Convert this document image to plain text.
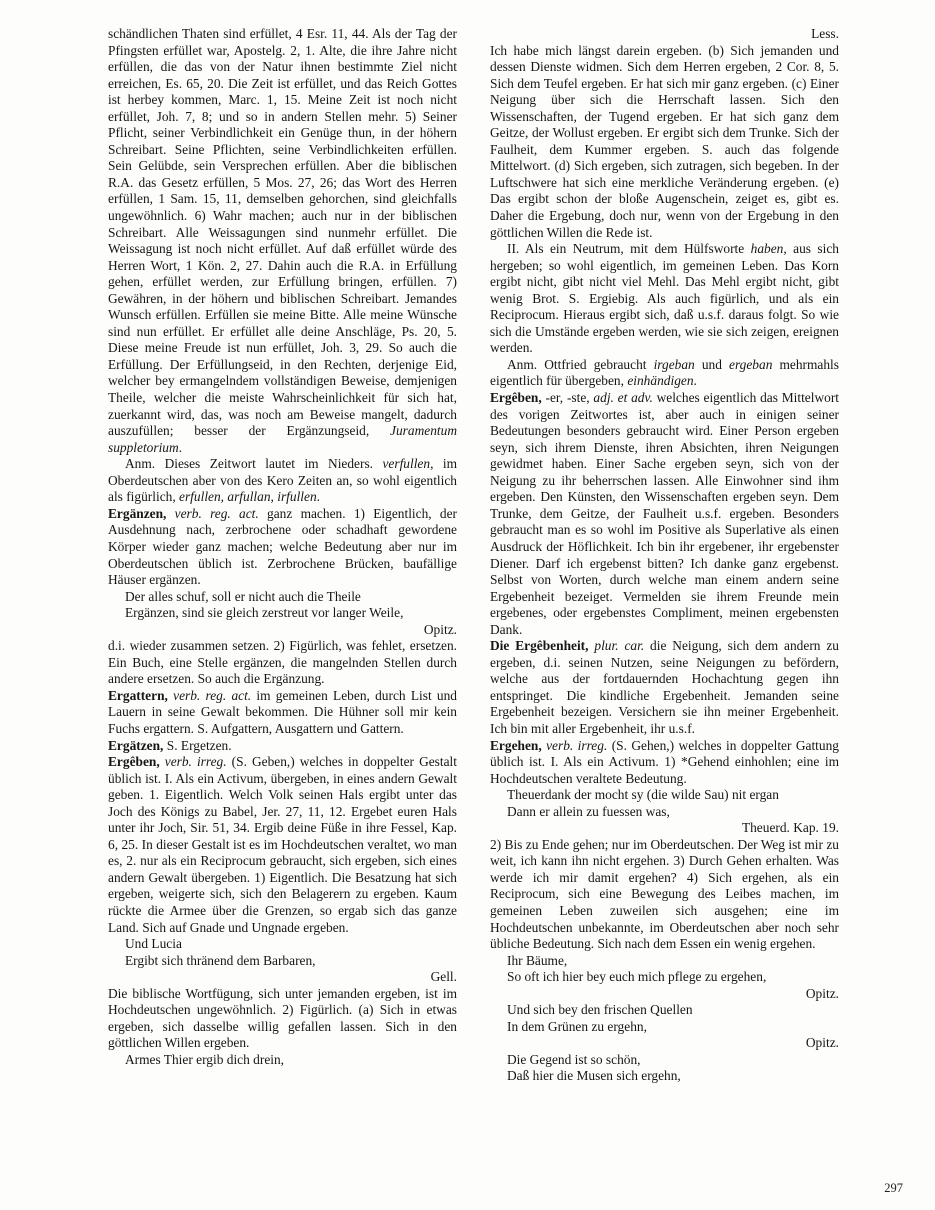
schändlichen Thaten sind erfüllet, 4 Esr. 11, 44. Als der Tag der Pfingsten erfüllet war, Apostelg. 2, 1. Alte, die ihre Jahre nicht erfüllen, die das von der Natur ihnen bestimmte Ziel nicht erreichen, Es. 65, 20. Die Zeit ist erfüllet, und das Reich Gottes ist herbey kommen, Marc. 1, 15. Meine Zeit ist noch nicht erfüllet, Joh. 7, 8; und so in andern Stellen mehr. 5) Seiner Pflicht, seiner Verbindlichkeit ein Genüge thun, in der höhern Schreibart. Seine Pflichten, seine Verbindlichkeiten erfüllen. Sein Gelübde, sein Versprechen erfüllen. Aber die biblischen R.A. das Gesetz erfüllen, 5 Mos. 27, 26; das Wort des Herren erfüllen, 1 Sam. 15, 11, demselben gehorchen, sind gleichfalls ungewöhnlich. 6) Wahr machen; auch nur in der biblischen Schreibart. Alle Weissagungen sind nunmehr erfüllet. Die Weissagung ist noch nicht erfüllet. Auf daß erfüllet würde des Herren Wort, 1 Kön. 2, 27. Dahin auch die R.A. in Erfüllung gehen, erfüllet werden, zur Erfüllung bringen, erfüllen. 7) Gewähren, in der höhern und biblischen Schreibart. Jemandes Wunsch erfüllen. Erfüllen sie meine Bitte. Alle meine Wünsche sind nun erfüllet. Er erfüllet alle deine Anschläge, Ps. 20, 5. Diese meine Freude ist nun erfüllet, Joh. 3, 29. So auch die Erfüllung. Der Erfüllungseid, in den Rechten, derjenige Eid, welcher bey ermangelndem vollständigen Beweise, demjenigen Theile, welcher die meiste Wahrscheinlichkeit für sich hat, zuerkannt wird, das, was noch am Beweise mangelt, dadurch auszufüllen; besser der Ergänzungseid, Juramentum suppletorium.

Anm. Dieses Zeitwort lautet im Nieders. verfullen, im Oberdeutschen aber von des Kero Zeiten an, so wohl eigentlich als figürlich, erfullen, arfullan, irfullen.

Ergänzen, verb. reg. act. ganz machen. 1) Eigentlich, der Ausdehnung nach, zerbrochene oder schadhaft gewordene Körper wieder ganz machen; welche Bedeutung aber nur im Oberdeutschen üblich ist. Zerbrochene Brücken, baufällige Häuser ergänzen.

Der alles schuf, soll er nicht auch die Theile

Ergänzen, sind sie gleich zerstreut vor langer Weile,

Opitz.

d.i. wieder zusammen setzen. 2) Figürlich, was fehlet, ersetzen. Ein Buch, eine Stelle ergänzen, die mangelnden Stellen durch andere ersetzen. So auch die Ergänzung.

Ergattern, verb. reg. act. im gemeinen Leben, durch List und Lauern in seine Gewalt bekommen. Die Hühner soll mir kein Fuchs ergattern. S. Aufgattern, Ausgattern und Gattern.

Ergätzen, S. Ergetzen.

Ergêben, verb. irreg. (S. Geben,) welches in doppelter Gestalt üblich ist. I. Als ein Activum, übergeben, in eines andern Gewalt geben. 1. Eigentlich. Welch Volk seinen Hals ergibt unter das Joch des Königs zu Babel, Jer. 27, 11, 12. Ergebet euren Hals unter ihr Joch, Sir. 51, 34. Ergib deine Füße in ihre Fessel, Kap. 6, 25. In dieser Gestalt ist es im Hochdeutschen veraltet, wo man es, 2. nur als ein Reciprocum gebraucht, sich ergeben, sich eines andern Gewalt übergeben. 1) Eigentlich. Die Besatzung hat sich ergeben, weigerte sich, sich den Belagerern zu ergeben. Kaum rückte die Armee über die Grenzen, so ergab sich das ganze Land. Sich auf Gnade und Ungnade ergeben.

Und Lucia

Ergibt sich thränend dem Barbaren,

Gell.

Die biblische Wortfügung, sich unter jemanden ergeben, ist im Hochdeutschen ungewöhnlich. 2) Figürlich. (a) Sich in etwas ergeben, sich dasselbe willig gefallen lassen. Sich in den göttlichen Willen ergeben.

Armes Thier ergib dich drein,

Less.

Ich habe mich längst darein ergeben. (b) Sich jemanden und dessen Dienste widmen. Sich dem Herren ergeben, 2 Cor. 8, 5. Sich dem Teufel ergeben. Er hat sich mir ganz ergeben. (c) Einer Neigung über sich die Herrschaft lassen. Sich den Wissenschaften, der Tugend ergeben. Er hat sich ganz dem Geitze, der Wollust ergeben. Er ergibt sich dem Trunke. Sich der Faulheit, dem Kummer ergeben. S. auch das folgende Mittelwort. (d) Sich ergeben, sich zutragen, sich begeben. In der Luftschwere hat sich eine merkliche Veränderung ergeben. (e) Das ergibt schon der bloße Augenschein, zeiget es, gibt es. Daher die Ergebung, doch nur, wenn von der Ergebung in den göttlichen Willen die Rede ist.

II. Als ein Neutrum, mit dem Hülfsworte haben, aus sich hergeben; so wohl eigentlich, im gemeinen Leben. Das Korn ergibt nicht, gibt nicht viel Mehl. Das Mehl ergibt nicht, gibt wenig Brot. S. Ergiebig. Als auch figürlich, und als ein Reciprocum. Hieraus ergibt sich, daß u.s.f. daraus folgt. So wie sich die Umstände ergeben werden, wie sie sich zeigen, ereignen werden.

Anm. Ottfried gebraucht irgeban und ergeban mehrmahls eigentlich für übergeben, einhändigen.

Ergêben, -er, -ste, adj. et adv. welches eigentlich das Mittelwort des vorigen Zeitwortes ist, aber auch in einigen seiner Bedeutungen besonders gebraucht wird. Einer Person ergeben seyn, sich ihrem Dienste, ihren Absichten, ihren Neigungen gewidmet haben. Einer Sache ergeben seyn, sich von der Neigung zu ihr beherrschen lassen. Alle Einwohner sind ihm ergeben. Den Künsten, den Wissenschaften ergeben seyn. Dem Trunke, dem Geitze, der Faulheit u.s.f. ergeben. Besonders gebraucht man es so wohl im Positive als Superlative als einen Ausdruck der Höflichkeit. Ich bin ihr ergebener, ihr ergebenster Diener. Darf ich ergebenst bitten? Ich danke ganz ergebenst. Selbst von Worten, durch welche man einem andern seine Ergebenheit bezeiget. Vermelden sie ihrem Freunde mein ergebenes, oder ergebenstes Compliment, meinen ergebensten Dank.

Die Ergêbenheit, plur. car. die Neigung, sich dem andern zu ergeben, d.i. seinen Nutzen, seine Neigungen zu befördern, welche aus der fortdauernden Hochachtung gegen ihn entspringet. Die kindliche Ergebenheit. Jemanden seine Ergebenheit bezeigen. Versichern sie ihn meiner Ergebenheit. Ich bin mit aller Ergebenheit, ihr u.s.f.

Ergehen, verb. irreg. (S. Gehen,) welches in doppelter Gattung üblich ist. I. Als ein Activum. 1) *Gehend einhohlen; eine im Hochdeutschen veraltete Bedeutung.

Theuerdank der mocht sy (die wilde Sau) nit ergan

Dann er allein zu fuessen was,

Theuerd. Kap. 19.

2) Bis zu Ende gehen; nur im Oberdeutschen. Der Weg ist mir zu weit, ich kann ihn nicht ergehen. 3) Durch Gehen erhalten. Was werde ich mir damit ergehen? 4) Sich ergehen, als ein Reciprocum, sich eine Bewegung des Leibes machen, im gemeinen Leben zuweilen sich ausgehen; eine im Hochdeutschen unbekannte, im Oberdeutschen aber noch sehr übliche Bedeutung. Sich nach dem Essen ein wenig ergehen.

Ihr Bäume,

So oft ich hier bey euch mich pflege zu ergehen,

Opitz.

Und sich bey den frischen Quellen

In dem Grünen zu ergehn,

Opitz.

Die Gegend ist so schön,

Daß hier die Musen sich ergehn,

297
